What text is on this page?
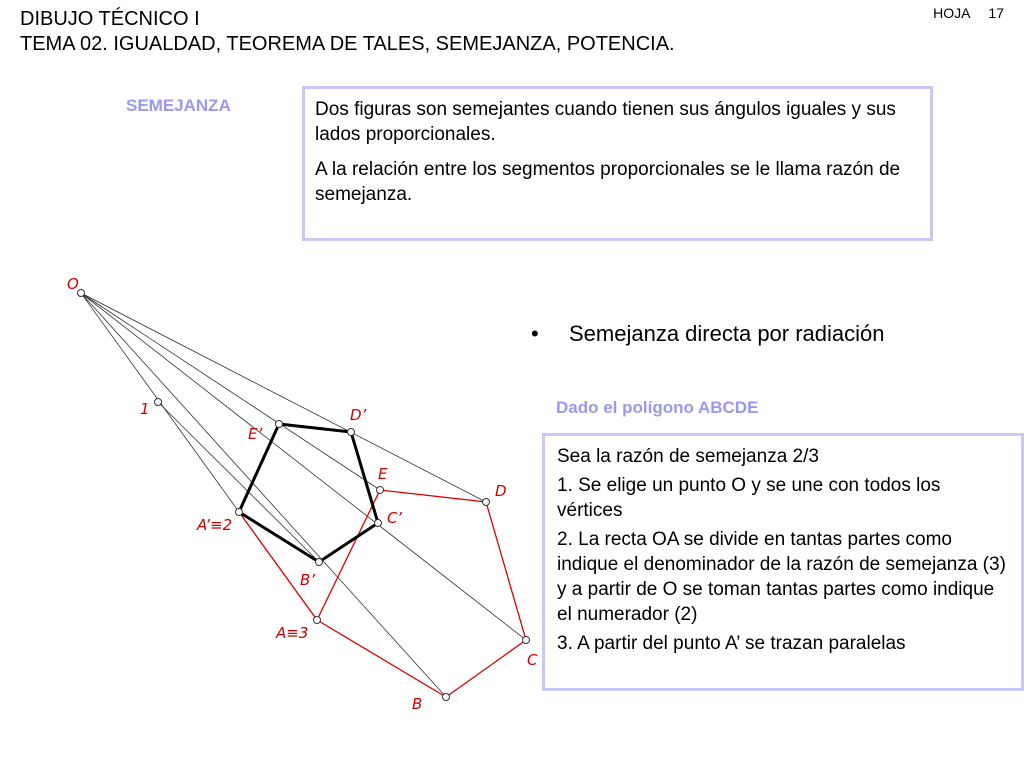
DIBUJO TÉCNICO I
TEMA 02. IGUALDAD, TEOREMA DE TALES, SEMEJANZA, POTENCIA.
HOJA 17
SEMEJANZA	Dos figuras son semejantes cuando tienen sus ángulos iguales y sus lados proporcionales.

A la relación entre los segmentos proporcionales se le llama razón de semejanza.

• Semejanza directa por radiación
Dado el polígono ABCDE

Sea la razón de semejanza 2/3

1. Se elige un punto O y se une con todos los vértices

2. La recta OA se divide en tantas partes como indique el denominador de la razón de semejanza (3) y a partir de O se toman tantas partes como indique el numerador (2)

3. A partir del punto A’ se trazan paralelas

O
1
A’≡2
A≡3
B
C
D
E
B’
C’
D’
E’
